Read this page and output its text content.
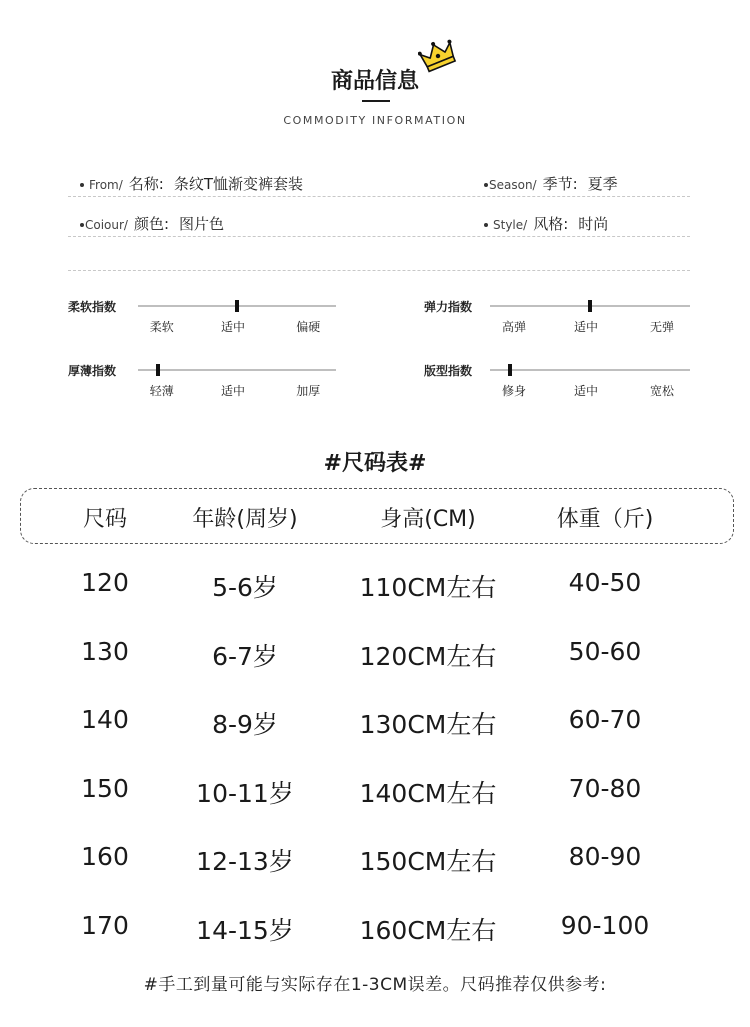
商品信息
COMMODITY INFORMATION
From/ 名称: 条纹T恤渐变裤套装	Season/ 季节: 夏季
Coiour/ 颜色: 图片色	Style/ 风格: 时尚
#尺码表#
尺码	年龄(周岁)	身高(CM)	体重（斤)
120	5-6岁	110CM左右	40-50
130	6-7岁	120CM左右	50-60
140	8-9岁	130CM左右	60-70
150	10-11岁	140CM左右	70-80
160	12-13岁	150CM左右	80-90
170	14-15岁	160CM左右	90-100
#手工到量可能与实际存在1-3CM误差。尺码推荐仅供参考:
柔软指数
柔软	适中	偏硬
弹力指数
高弹	适中	无弹
厚薄指数
轻薄	适中	加厚
版型指数
修身	适中	宽松
